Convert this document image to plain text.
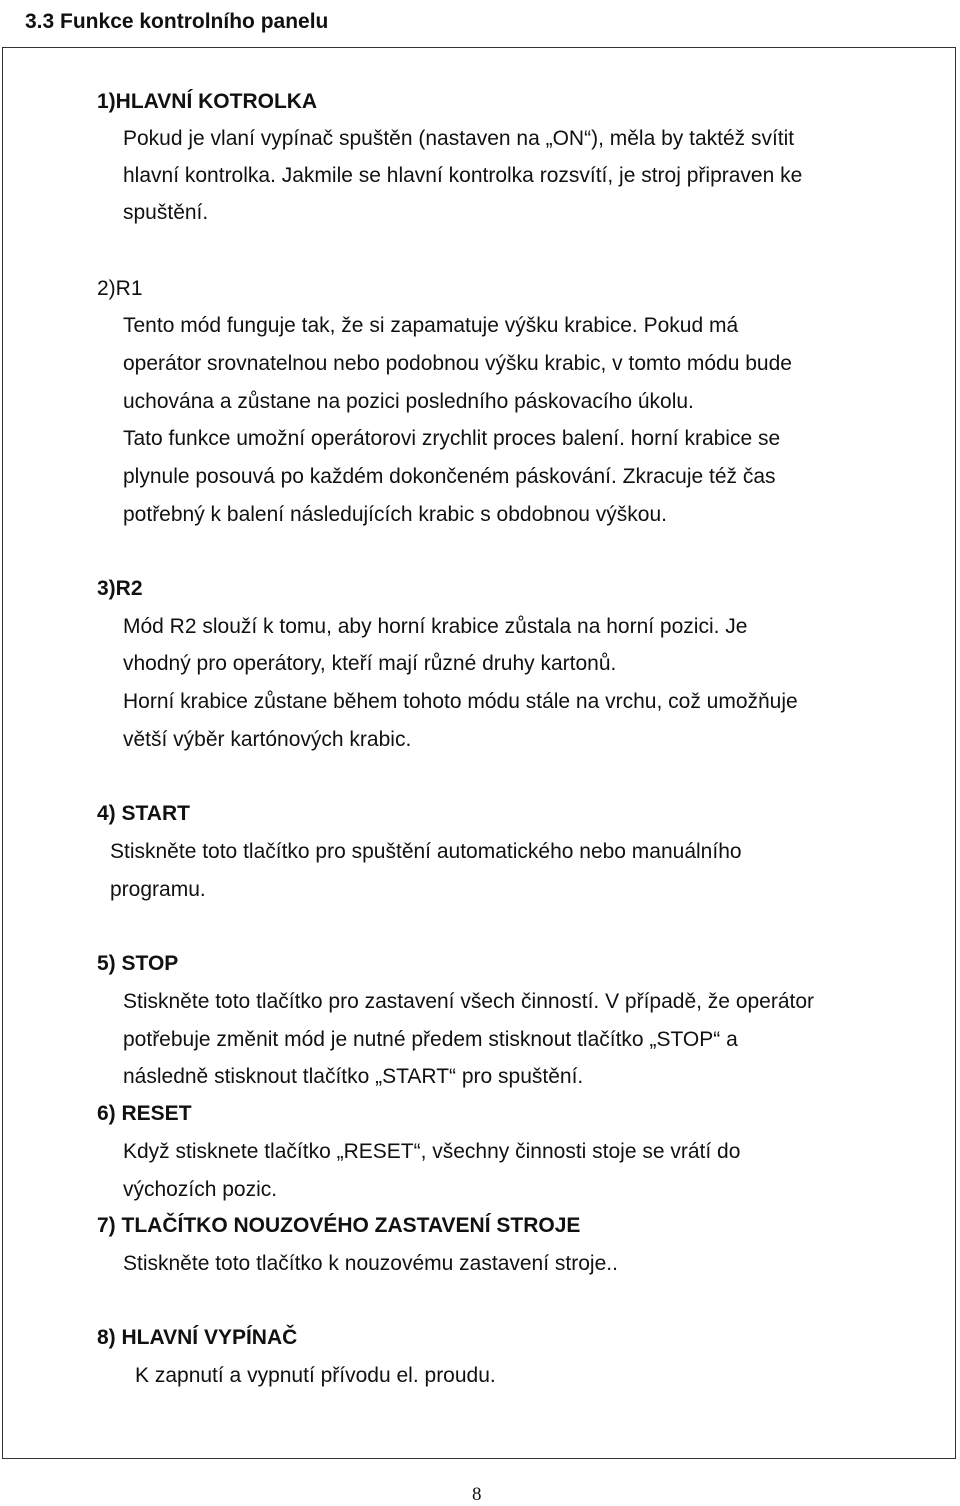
3.3 Funkce kontrolního panelu
1)HLAVNÍ KOTROLKA
Pokud je vlaní vypínač spuštěn (nastaven na „ON“), měla by taktéž svítit
hlavní kontrolka. Jakmile se hlavní kontrolka rozsvítí, je stroj připraven ke
spuštění.
2)R1
Tento mód funguje tak, že si zapamatuje výšku krabice. Pokud má
operátor srovnatelnou nebo podobnou výšku krabic, v tomto módu bude
uchována a zůstane na pozici posledního páskovacího úkolu.
Tato funkce umožní operátorovi zrychlit proces balení. horní krabice se
plynule posouvá po každém dokončeném páskování. Zkracuje též čas
potřebný k balení následujících krabic s obdobnou výškou.
3)R2
Mód R2 slouží k tomu, aby horní krabice zůstala na horní pozici. Je
vhodný pro operátory, kteří mají různé druhy kartonů.
Horní krabice zůstane během tohoto módu stále na vrchu, což umožňuje
větší výběr kartónových krabic.
4) START
Stiskněte toto tlačítko pro spuštění automatického nebo manuálního
programu.
5) STOP
Stiskněte toto tlačítko pro zastavení všech činností. V případě, že operátor
potřebuje změnit mód je nutné předem stisknout tlačítko „STOP“ a
následně stisknout tlačítko „START“ pro spuštění.
6) RESET
Když stisknete tlačítko „RESET“, všechny činnosti stoje se vrátí do
výchozích pozic.
7) TLAČÍTKO NOUZOVÉHO ZASTAVENÍ STROJE
Stiskněte toto tlačítko k nouzovému zastavení stroje..
8) HLAVNÍ VYPÍNAČ
K zapnutí a vypnutí přívodu el. proudu.
8
